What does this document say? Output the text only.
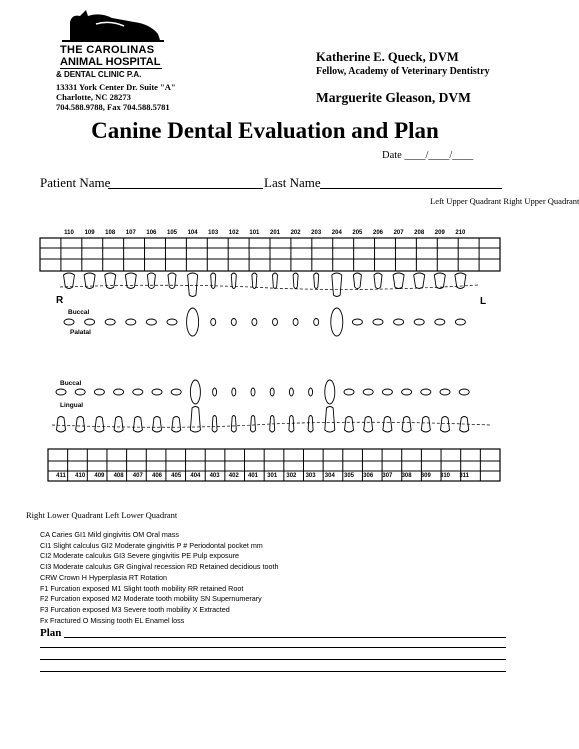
THE CAROLINAS
ANIMAL HOSPITAL
& DENTAL CLINIC P.A.
13331 York Center Dr. Suite "A"
Charlotte, NC 28273
704.588.9788, Fax 704.588.5781
Katherine E. Queck, DVM
Fellow, Academy of Veterinary Dentistry
Marguerite Gleason, DVM
Canine Dental Evaluation and Plan
Date ____/____/____
Patient Name	Last Name
Left Upper Quadrant Right Upper Quadrant
110	109	108	107	106	105	104	103	102	101	201	202	203	204	205	206	207	208	209	210
R	L
Buccal
Palatal
Buccal
Lingual
411	410	409	408	407	406	405	404	403	402	401	301	302	303	304	305	306	307	308	309	310	311
Right Lower Quadrant Left Lower Quadrant
CA Caries GI1 Mild gingivitis OM Oral mass
CI1 Slight calculus GI2 Moderate gingivitis P # Periodontal pocket mm
CI2 Moderate calculus GI3 Severe gingivitis PE Pulp exposure
CI3 Moderate calculus GR Gingival recession RD Retained decidious tooth
CRW Crown H Hyperplasia RT Rotation
F1 Furcation exposed M1 Slight tooth mobility RR retained Root
F2 Furcation exposed M2 Moderate tooth mobility SN Supernumerary
F3 Furcation exposed M3 Severe tooth mobility X Extracted
Fx Fractured O Missing tooth EL Enamel loss
Plan
